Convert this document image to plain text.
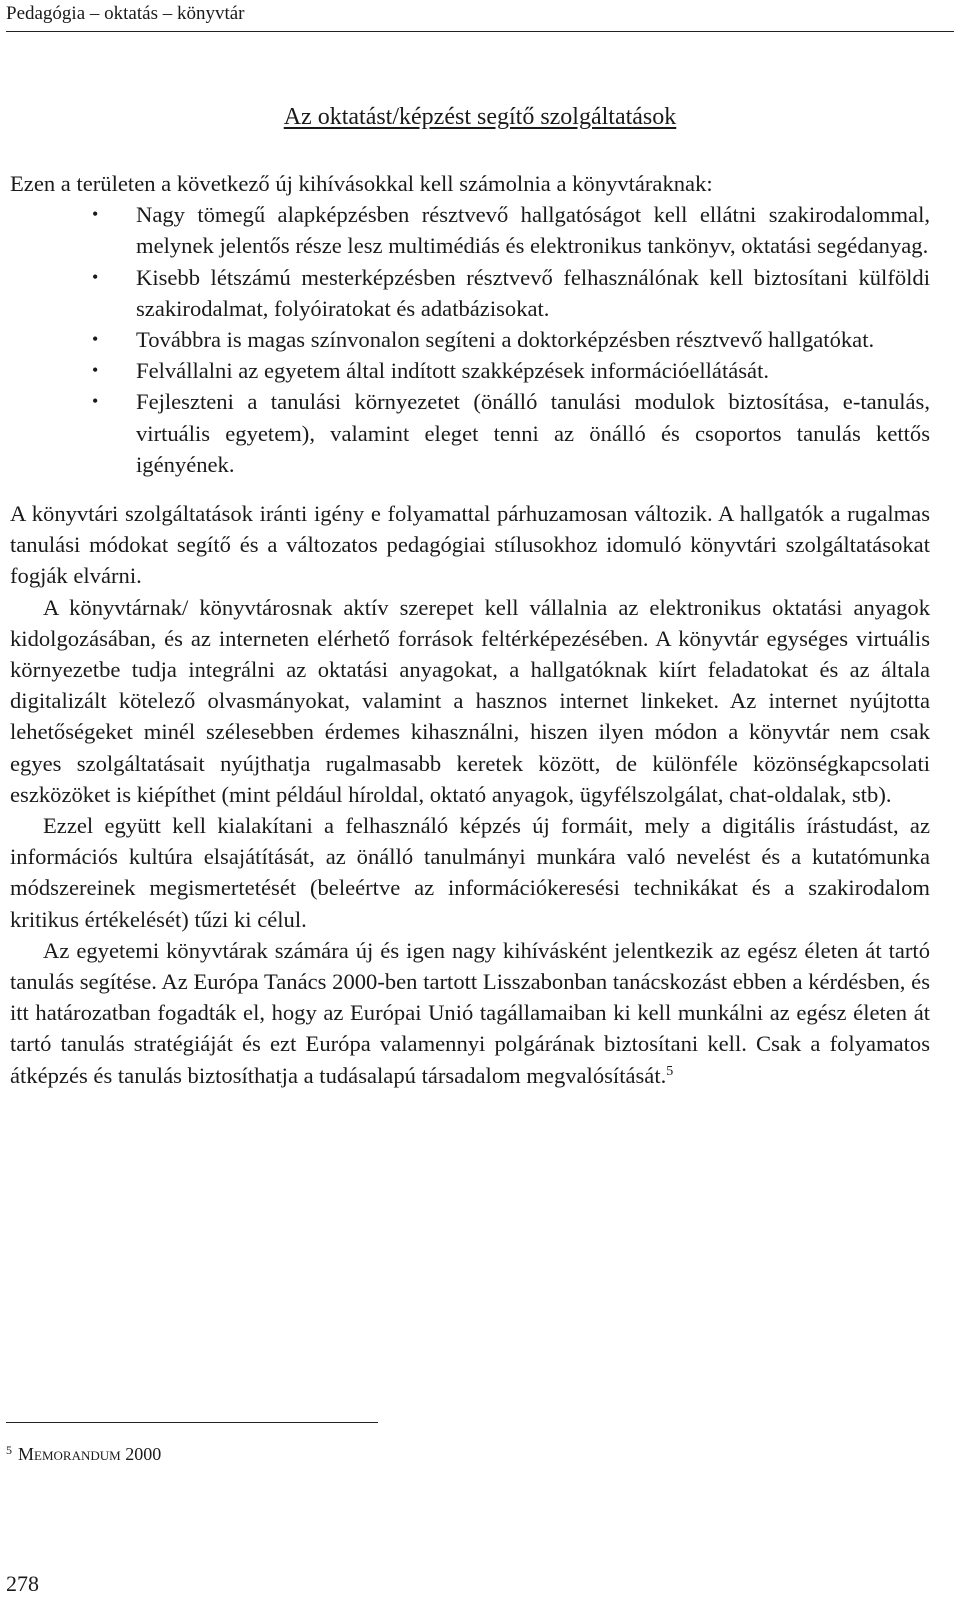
Pedagógia – oktatás – könyvtár
Az oktatást/képzést segítő szolgáltatások

Ezen a területen a következő új kihívásokkal kell számolnia a könyvtáraknak:

• Nagy tömegű alapképzésben résztvevő hallgatóságot kell ellátni szakirodalommal, melynek jelentős része lesz multimédiás és elektronikus tankönyv, oktatási segédanyag.
• Kisebb létszámú mesterképzésben résztvevő felhasználónak kell biztosítani külföldi szakirodalmat, folyóiratokat és adatbázisokat.
• Továbbra is magas színvonalon segíteni a doktorképzésben résztvevő hallgatókat.
• Felvállalni az egyetem által indított szakképzések információellátását.
• Fejleszteni a tanulási környezetet (önálló tanulási modulok biztosítása, e-tanulás, virtuális egyetem), valamint eleget tenni az önálló és csoportos tanulás kettős igényének.

A könyvtári szolgáltatások iránti igény e folyamattal párhuzamosan változik. A hallgatók a rugalmas tanulási módokat segítő és a változatos pedagógiai stílusokhoz idomuló könyvtári szolgáltatásokat fogják elvárni.

A könyvtárnak/ könyvtárosnak aktív szerepet kell vállalnia az elektronikus oktatási anyagok kidolgozásában, és az interneten elérhető források feltérképezésében. A könyvtár egységes virtuális környezetbe tudja integrálni az oktatási anyagokat, a hallgatóknak kiírt feladatokat és az általa digitalizált kötelező olvasmányokat, valamint a hasznos internet linkeket. Az internet nyújtotta lehetőségeket minél szélesebben érdemes kihasználni, hiszen ilyen módon a könyvtár nem csak egyes szolgáltatásait nyújthatja rugalmasabb keretek között, de különféle közönségkapcsolati eszközöket is kiépíthet (mint például híroldal, oktató anyagok, ügyfélszolgálat, chat-oldalak, stb).

Ezzel együtt kell kialakítani a felhasználó képzés új formáit, mely a digitális írástudást, az információs kultúra elsajátítását, az önálló tanulmányi munkára való nevelést és a kutatómunka módszereinek megismertetését (beleértve az információkeresési technikákat és a szakirodalom kritikus értékelését) tűzi ki célul.

Az egyetemi könyvtárak számára új és igen nagy kihívásként jelentkezik az egész életen át tartó tanulás segítése. Az Európa Tanács 2000-ben tartott Lisszabonban tanácskozást ebben a kérdésben, és itt határozatban fogadták el, hogy az Európai Unió tagállamaiban ki kell munkálni az egész életen át tartó tanulás stratégiáját és ezt Európa valamennyi polgárának biztosítani kell. Csak a folyamatos átképzés és tanulás biztosíthatja a tudásalapú társadalom megvalósítását.$^5$

$^5$ Memorandum 2000
278
